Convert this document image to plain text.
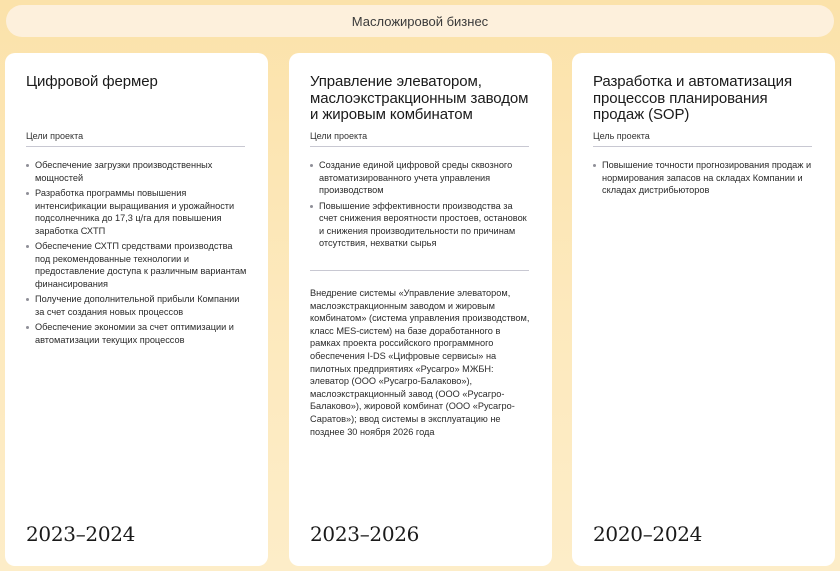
Масложировой бизнес
Цифровой фермер
Цели проекта
Обеспечение загрузки производственных мощностей
Разработка программы повышения интенсификации выращивания и урожайности подсолнечника до 17,3 ц/га для повышения заработка СХТП
Обеспечение СХТП средствами производства под рекомендованные технологии и предоставление доступа к различным вариантам финансирования
Получение дополнительной прибыли Компании за счет создания новых процессов
Обеспечение экономии за счет оптимизации и автоматизации текущих процессов
2023–2024
Управление элеватором, маслоэкстракционным заводом и жировым комбинатом
Цели проекта
Создание единой цифровой среды сквозного автоматизированного учета управления производством
Повышение эффективности производства за счет снижения вероятности простоев, остановок и снижения производительности по причинам отсутствия, нехватки сырья
Внедрение системы «Управление элеватором, маслоэкстракционным заводом и жировым комбинатом» (система управления производством, класс MES-систем) на базе доработанного в рамках проекта российского программного обеспечения I-DS «Цифровые сервисы» на пилотных предприятиях «Русагро» МЖБН: элеватор (ООО «Русагро-Балаково»), маслоэкстракционный завод (ООО «Русагро-Балаково»), жировой комбинат (ООО «Русагро-Саратов»); ввод системы в эксплуатацию не позднее 30 ноября 2026 года
2023–2026
Разработка и автоматизация процессов планирования продаж (SOP)
Цель проекта
Повышение точности прогнозирования продаж и нормирования запасов на складах Компании и складах дистрибьюторов
2020–2024
